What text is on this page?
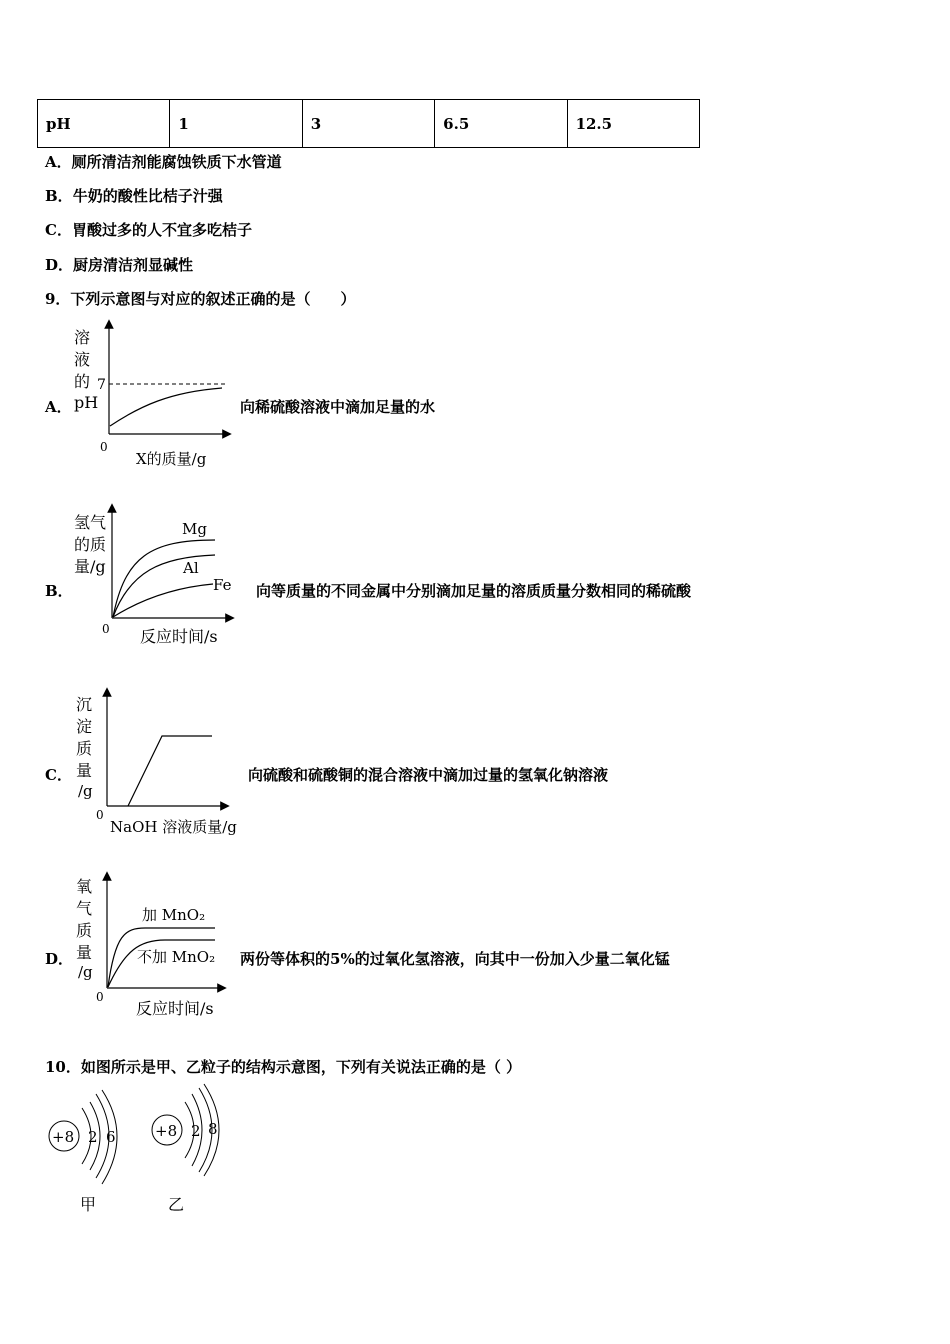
pH	1	3	6.5	12.5
A．厕所清洁剂能腐蚀铁质下水管道
B．牛奶的酸性比桔子汁强
C．胃酸过多的人不宜多吃桔子
D．厨房清洁剂显碱性
9．下列示意图与对应的叙述正确的是（　　）
A．
溶
液
的
pH
7
0
X的质量/g
向稀硫酸溶液中滴加足量的水
B．
Mg
Al
Fe
氢气
的质
量/g
0 反应时间/s
向等质量的不同金属中分别滴加足量的溶质质量分数相同的稀硫酸
C．
沉
淀
质
量
/g
0
NaOH 溶液质量/g
向硫酸和硫酸铜的混合溶液中滴加过量的氢氧化钠溶液
D．
加 MnO₂
不加 MnO₂
氧
气
质
量
/g
0
反应时间/s
两份等体积的5%的过氧化氢溶液，向其中一份加入少量二氧化锰
10．如图所示是甲、乙粒子的结构示意图，下列有关说法正确的是（ ）
+8 2 6
甲
+8 2 8
乙
